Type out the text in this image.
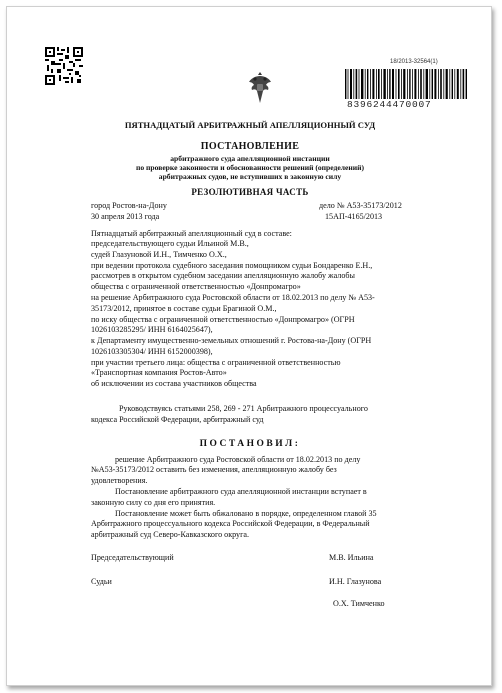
18/2013-32564(1)
8396244470007
ПЯТНАДЦАТЫЙ АРБИТРАЖНЫЙ АПЕЛЛЯЦИОННЫЙ СУД
ПОСТАНОВЛЕНИЕ
арбитражного суда апелляционной инстанции
по проверке законности и обоснованности решений (определений)
арбитражных судов, не вступивших в законную силу
РЕЗОЛЮТИВНАЯ ЧАСТЬ
город Ростов-на-Дону	дело № А53-35173/2012
30 апреля 2013 года	15АП-4165/2013
Пятнадцатый арбитражный апелляционный суд в составе:
председательствующего судьи Ильиной М.В.,
судей Глазуновой И.Н., Тимченко О.Х.,
при ведении протокола судебного заседания помощником судьи Бондаренко Е.Н.,
рассмотрев в открытом судебном заседании апелляционную жалобу жалобы
общества с ограниченной ответственностью «Донпромагро»
на решение Арбитражного суда Ростовской области от 18.02.2013 по делу № А53-
35173/2012, принятое в составе судьи Брагиной О.М.,
по иску общества с ограниченной ответственностью «Донпромагро» (ОГРН
1026103285295/ ИНН 6164025647),
к Департаменту имущественно-земельных отношений г. Ростова-на-Дону (ОГРН
1026103305304/ ИНН 6152000398),
при участии третьего лица: общества с ограниченной ответственностью
«Транспортная компания Ростов-Авто»
об исключении из состава участников общества
Руководствуясь статьями 258, 269 - 271 Арбитражного процессуального
кодекса Российской Федерации, арбитражный суд
ПОСТАНОВИЛ:
решение Арбитражного суда Ростовской области от 18.02.2013 по делу
№А53-35173/2012 оставить без изменения, апелляционную жалобу без
удовлетворения.
Постановление арбитражного суда апелляционной инстанции вступает в
законную силу со дня его принятия.
Постановление может быть обжаловано в порядке, определенном главой 35
Арбитражного процессуального кодекса Российской Федерации, в Федеральный
арбитражный суд Северо-Кавказского округа.
Председательствующий	М.В. Ильина
Судьи	И.Н. Глазунова
О.Х. Тимченко
